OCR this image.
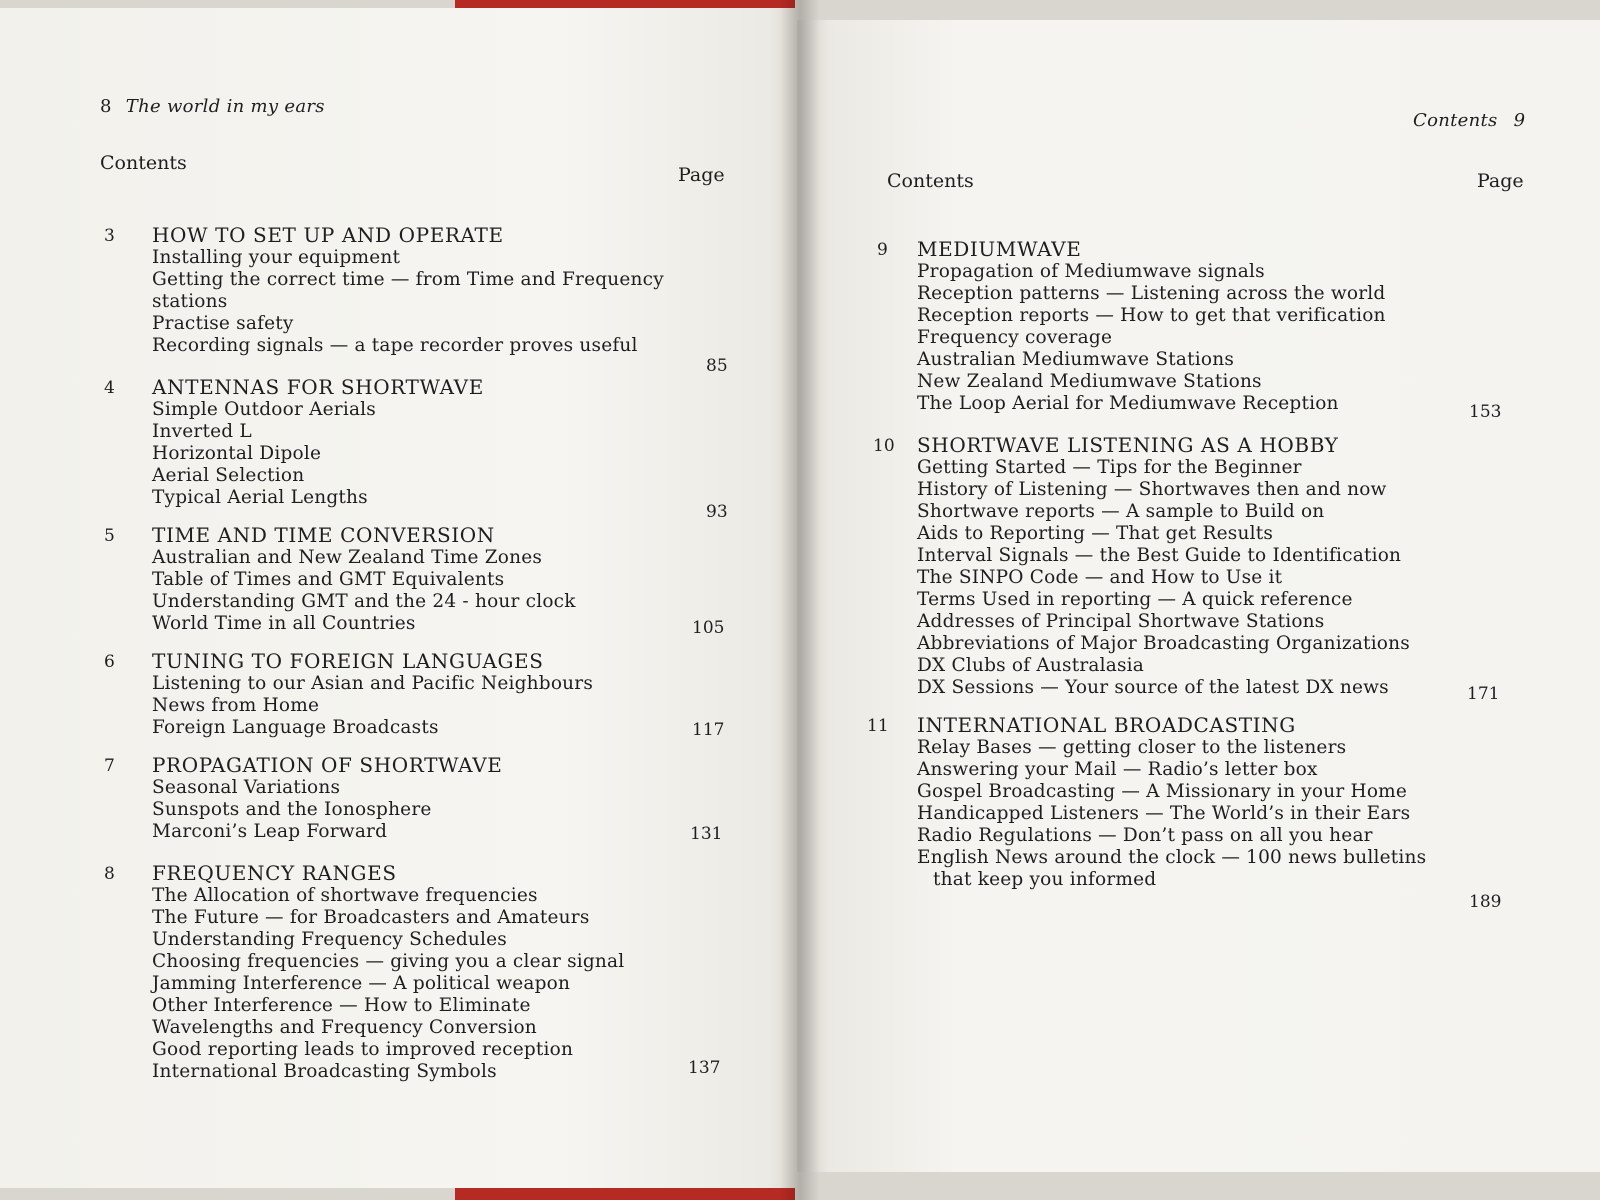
8 The world in my ears
Contents
Page
3 HOW TO SET UP AND OPERATE
Installing your equipment
Getting the correct time — from Time and Frequency
stations
Practise safety
Recording signals — a tape recorder proves useful
85
4 ANTENNAS FOR SHORTWAVE
Simple Outdoor Aerials
Inverted L
Horizontal Dipole
Aerial Selection
Typical Aerial Lengths
93
5 TIME AND TIME CONVERSION
Australian and New Zealand Time Zones
Table of Times and GMT Equivalents
Understanding GMT and the 24 - hour clock
World Time in all Countries	105
6 TUNING TO FOREIGN LANGUAGES
Listening to our Asian and Pacific Neighbours
News from Home
Foreign Language Broadcasts	117
7 PROPAGATION OF SHORTWAVE
Seasonal Variations
Sunspots and the Ionosphere
Marconi’s Leap Forward	131
8 FREQUENCY RANGES
The Allocation of shortwave frequencies
The Future — for Broadcasters and Amateurs
Understanding Frequency Schedules
Choosing frequencies — giving you a clear signal
Jamming Interference — A political weapon
Other Interference — How to Eliminate
Wavelengths and Frequency Conversion
Good reporting leads to improved reception
International Broadcasting Symbols	137
Contents 9
Contents	Page
9 MEDIUMWAVE
Propagation of Mediumwave signals
Reception patterns — Listening across the world
Reception reports — How to get that verification
Frequency coverage
Australian Mediumwave Stations
New Zealand Mediumwave Stations
The Loop Aerial for Mediumwave Reception	153
10 SHORTWAVE LISTENING AS A HOBBY
Getting Started — Tips for the Beginner
History of Listening — Shortwaves then and now
Shortwave reports — A sample to Build on
Aids to Reporting — That get Results
Interval Signals — the Best Guide to Identification
The SINPO Code — and How to Use it
Terms Used in reporting — A quick reference
Addresses of Principal Shortwave Stations
Abbreviations of Major Broadcasting Organizations
DX Clubs of Australasia
DX Sessions — Your source of the latest DX news	171
11 INTERNATIONAL BROADCASTING
Relay Bases — getting closer to the listeners
Answering your Mail — Radio’s letter box
Gospel Broadcasting — A Missionary in your Home
Handicapped Listeners — The World’s in their Ears
Radio Regulations — Don’t pass on all you hear
English News around the clock — 100 news bulletins
that keep you informed
189
